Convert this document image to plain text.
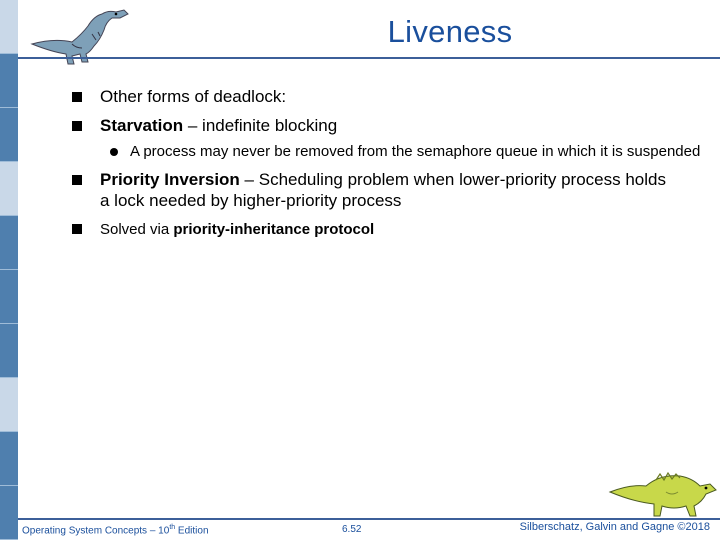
Liveness
Other forms of deadlock:
Starvation – indefinite blocking
A process may never be removed from the semaphore queue in which it is suspended
Priority Inversion – Scheduling problem when lower-priority process holds a lock needed by higher-priority process
Solved via priority-inheritance protocol
Operating System Concepts – 10th Edition	6.52	Silberschatz, Galvin and Gagne ©2018
